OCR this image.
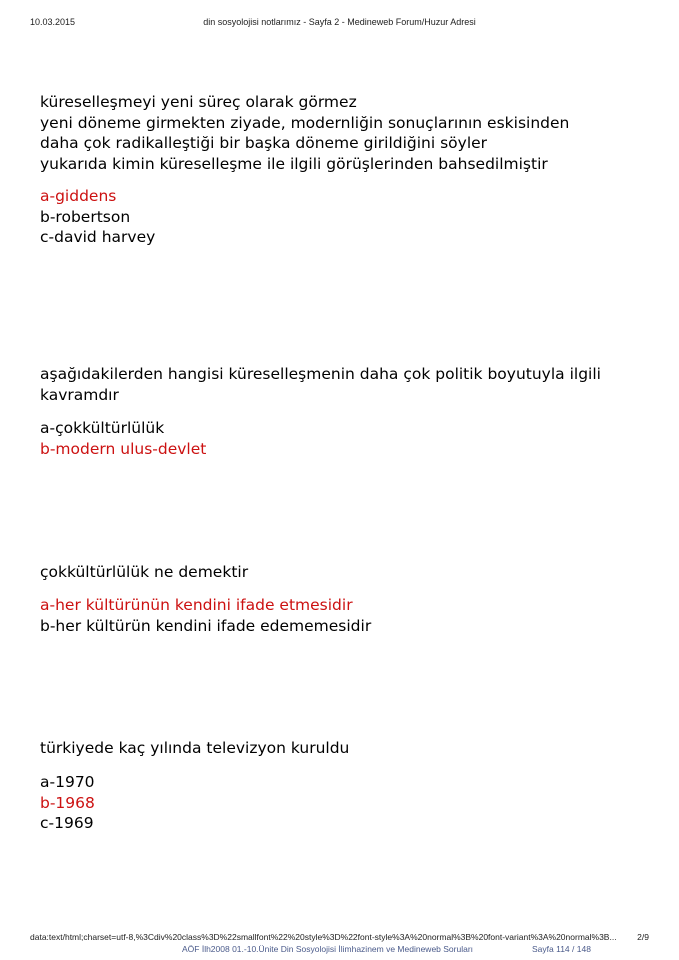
10.03.2015	din sosyolojisi notlarımız - Sayfa 2 - Medineweb Forum/Huzur Adresi
küreselleşmeyi yeni süreç olarak görmez
yeni döneme girmekten ziyade, modernliğin sonuçlarının eskisinden
daha çok radikalleştiği bir başka döneme girildiğini söyler
yukarıda kimin küreselleşme ile ilgili görüşlerinden bahsedilmiştir
a-giddens
b-robertson
c-david harvey
aşağıdakilerden hangisi küreselleşmenin daha çok politik boyutuyla ilgili
kavramdır
a-çokkültürlülük
b-modern ulus-devlet
çokkültürlülük ne demektir
a-her kültürünün kendini ifade etmesidir
b-her kültürün kendini ifade edememesidir
türkiyede kaç yılında televizyon kuruldu
a-1970
b-1968
c-1969
data:text/html;charset=utf-8,%3Cdiv%20class%3D%22smallfont%22%20style%3D%22font-style%3A%20normal%3B%20font-variant%3A%20normal%3B... 2/9
AÖF İlh2008 01.-10.Ünite Din Sosyolojisi İlimhazinem ve Medineweb Soruları	Sayfa 114 / 148
